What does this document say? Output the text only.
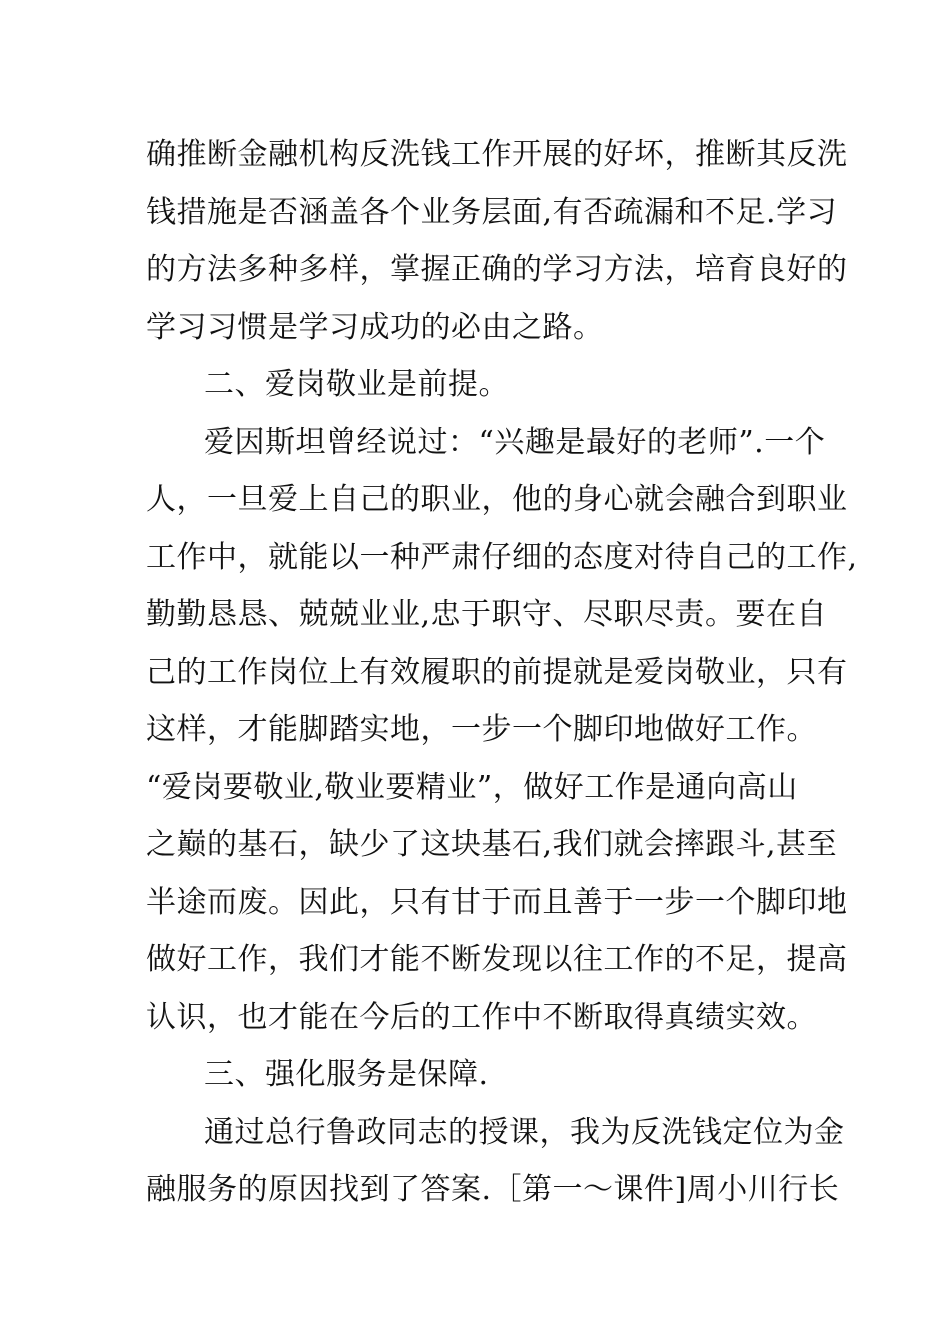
确推断金融机构反洗钱工作开展的好坏，推断其反洗
钱措施是否涵盖各个业务层面,有否疏漏和不足.学习
的方法多种多样，掌握正确的学习方法，培育良好的
学习习惯是学习成功的必由之路。
二、爱岗敬业是前提。
爱因斯坦曾经说过：“兴趣是最好的老师”.一个
人，一旦爱上自己的职业，他的身心就会融合到职业
工作中，就能以一种严肃仔细的态度对待自己的工作,
勤勤恳恳、兢兢业业,忠于职守、尽职尽责。要在自
己的工作岗位上有效履职的前提就是爱岗敬业，只有
这样，才能脚踏实地，一步一个脚印地做好工作。
“爱岗要敬业,敬业要精业”，做好工作是通向高山
之巅的基石，缺少了这块基石,我们就会摔跟斗,甚至
半途而废。因此，只有甘于而且善于一步一个脚印地
做好工作，我们才能不断发现以往工作的不足，提高
认识，也才能在今后的工作中不断取得真绩实效。
三、强化服务是保障.
通过总行鲁政同志的授课，我为反洗钱定位为金
融服务的原因找到了答案.［第一～课件]周小川行长
